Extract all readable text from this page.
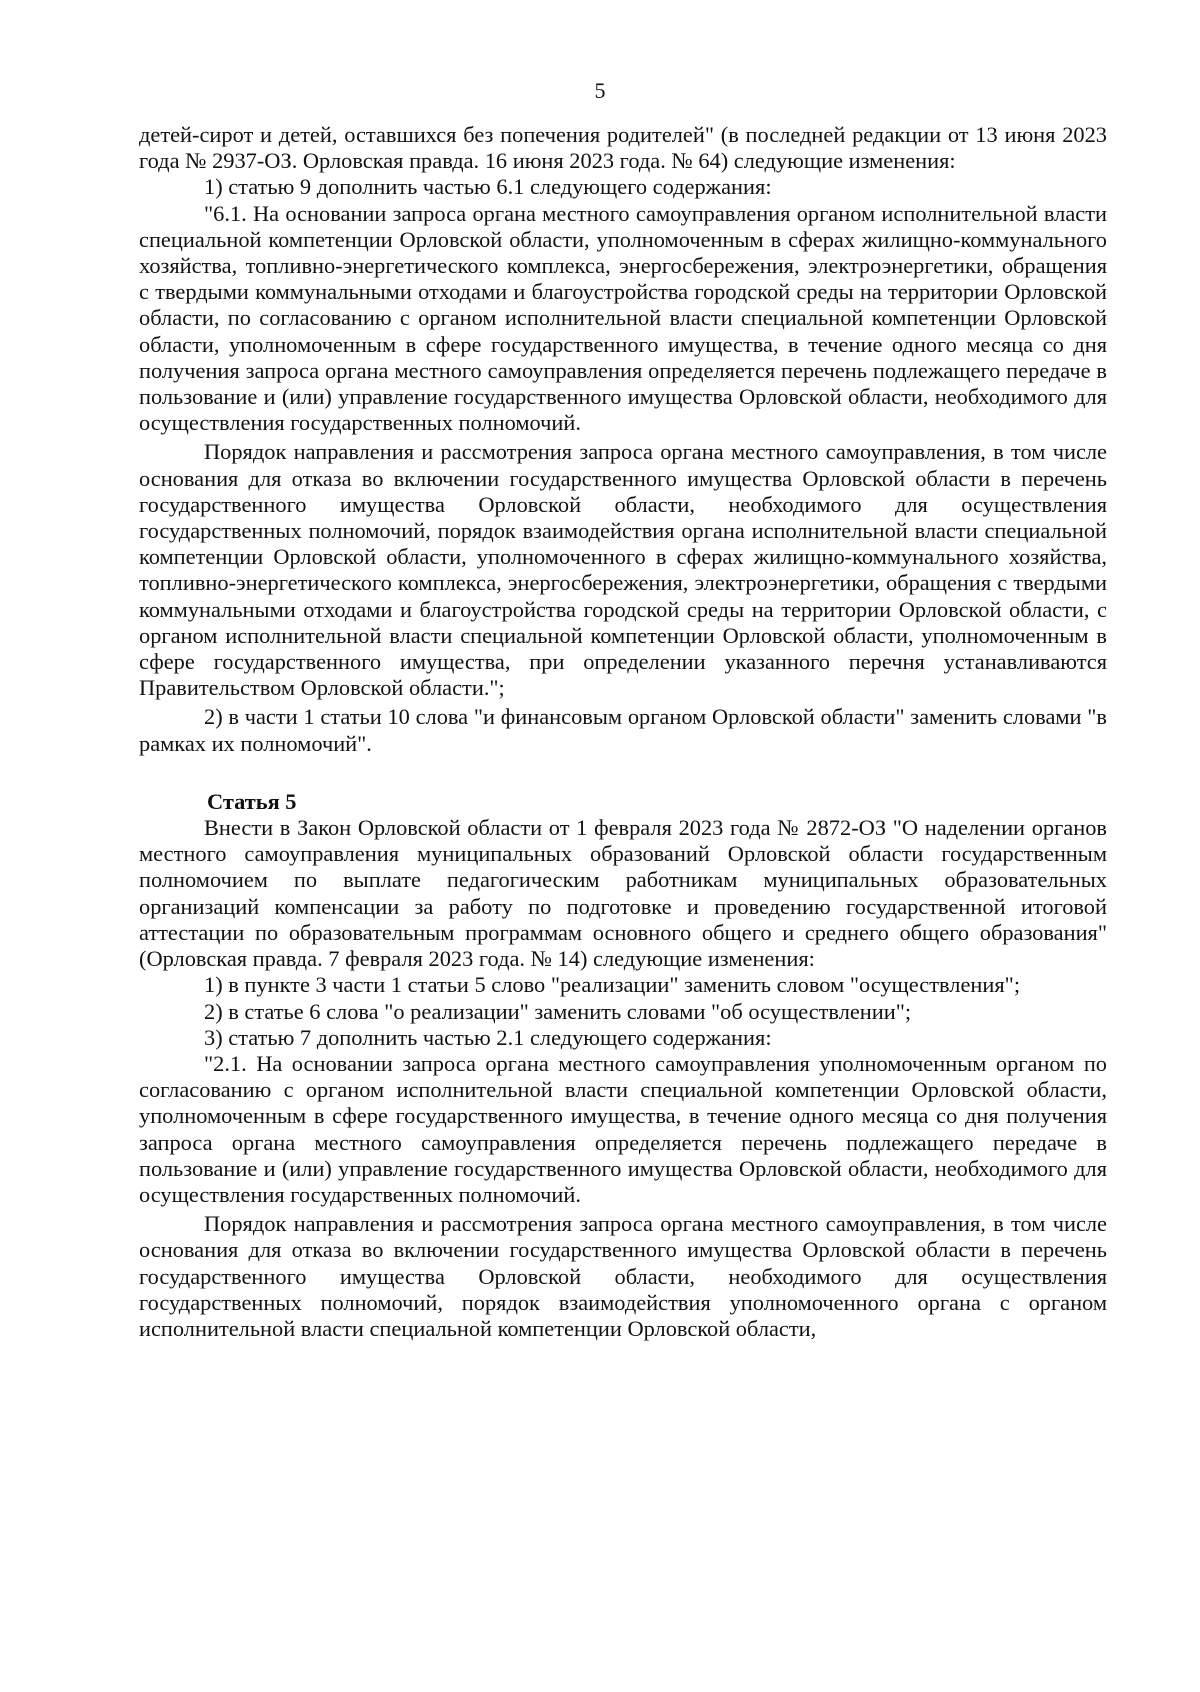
5

детей-сирот и детей, оставшихся без попечения родителей" (в последней редакции от 13 июня 2023 года № 2937-ОЗ. Орловская правда. 16 июня 2023 года. № 64) следующие изменения:

1) статью 9 дополнить частью 6.1 следующего содержания:

"6.1. На основании запроса органа местного самоуправления органом исполнительной власти специальной компетенции Орловской области, уполномоченным в сферах жилищно-коммунального хозяйства, топливно-энергетического комплекса, энергосбережения, электроэнергетики, обращения с твердыми коммунальными отходами и благоустройства городской среды на территории Орловской области, по согласованию с органом исполнительной власти специальной компетенции Орловской области, уполномоченным в сфере государственного имущества, в течение одного месяца со дня получения запроса органа местного самоуправления определяется перечень подлежащего передаче в пользование и (или) управление государственного имущества Орловской области, необходимого для осуществления государственных полномочий.

Порядок направления и рассмотрения запроса органа местного самоуправления, в том числе основания для отказа во включении государственного имущества Орловской области в перечень государственного имущества Орловской области, необходимого для осуществления государственных полномочий, порядок взаимодействия органа исполнительной власти специальной компетенции Орловской области, уполномоченного в сферах жилищно-коммунального хозяйства, топливно-энергетического комплекса, энергосбережения, электроэнергетики, обращения с твердыми коммунальными отходами и благоустройства городской среды на территории Орловской области, с органом исполнительной власти специальной компетенции Орловской области, уполномоченным в сфере государственного имущества, при определении указанного перечня устанавливаются Правительством Орловской области.";

2) в части 1 статьи 10 слова "и финансовым органом Орловской области" заменить словами "в рамках их полномочий".

Статья 5

Внести в Закон Орловской области от 1 февраля 2023 года № 2872-ОЗ "О наделении органов местного самоуправления муниципальных образований Орловской области государственным полномочием по выплате педагогическим работникам муниципальных образовательных организаций компенсации за работу по подготовке и проведению государственной итоговой аттестации по образовательным программам основного общего и среднего общего образования" (Орловская правда. 7 февраля 2023 года. № 14) следующие изменения:

1) в пункте 3 части 1 статьи 5 слово "реализации" заменить словом "осуществления";

2) в статье 6 слова "о реализации" заменить словами "об осуществлении";

3) статью 7 дополнить частью 2.1 следующего содержания:

"2.1. На основании запроса органа местного самоуправления уполномоченным органом по согласованию с органом исполнительной власти специальной компетенции Орловской области, уполномоченным в сфере государственного имущества, в течение одного месяца со дня получения запроса органа местного самоуправления определяется перечень подлежащего передаче в пользование и (или) управление государственного имущества Орловской области, необходимого для осуществления государственных полномочий.

Порядок направления и рассмотрения запроса органа местного самоуправления, в том числе основания для отказа во включении государственного имущества Орловской области в перечень государственного имущества Орловской области, необходимого для осуществления государственных полномочий, порядок взаимодействия уполномоченного органа с органом исполнительной власти специальной компетенции Орловской области,
